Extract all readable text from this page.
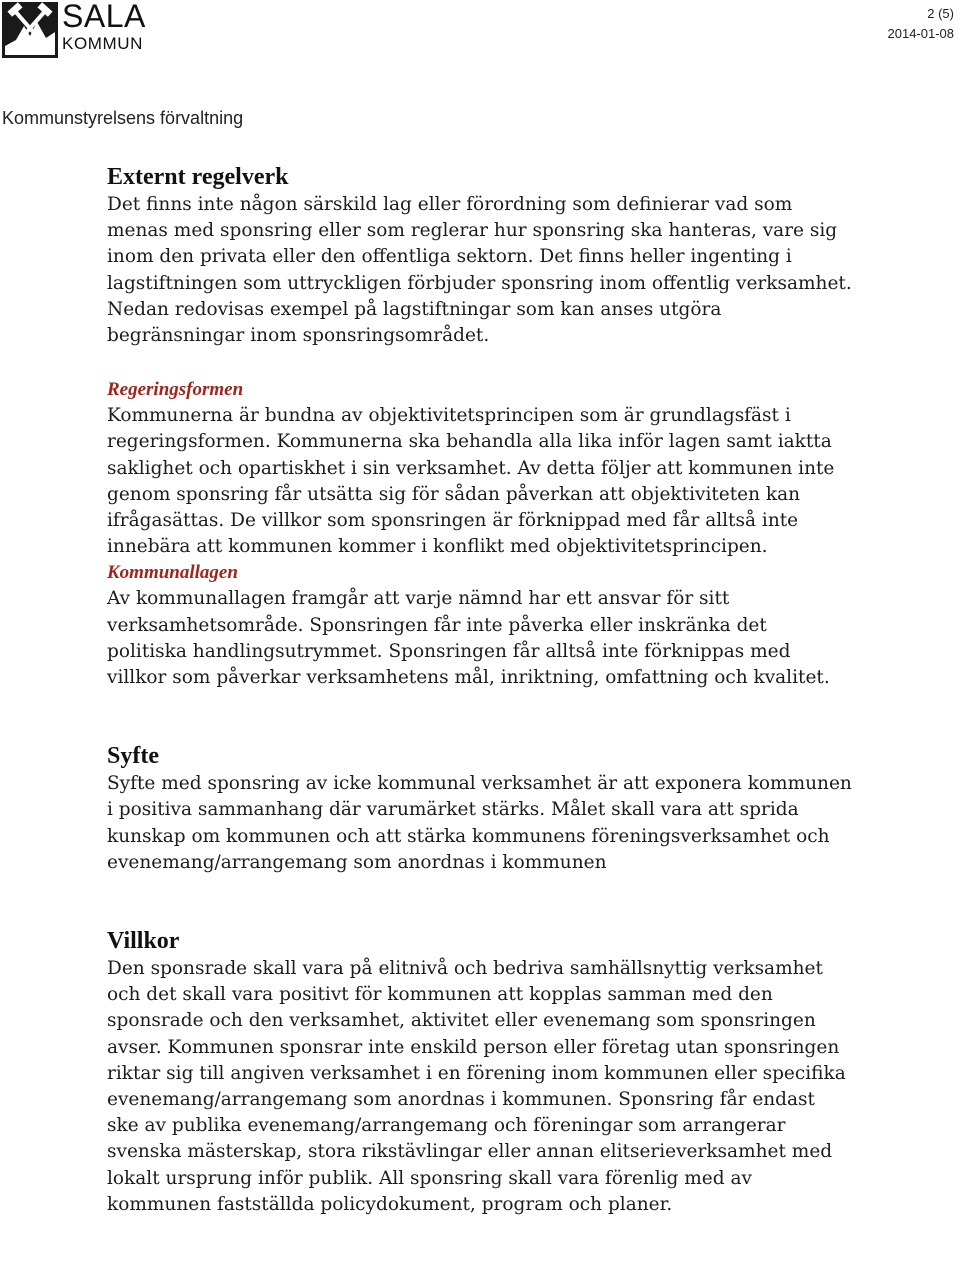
SALA
KOMMUN
2 (5)
2014-01-08
Kommunstyrelsens förvaltning
Externt regelverk

Det finns inte någon särskild lag eller förordning som definierar vad som menas med sponsring eller som reglerar hur sponsring ska hanteras, vare sig inom den privata eller den offentliga sektorn. Det finns heller ingenting i lagstiftningen som uttryckligen förbjuder sponsring inom offentlig verksamhet. Nedan redovisas exempel på lagstiftningar som kan anses utgöra begränsningar inom sponsringsområdet.

Regeringsformen

Kommunerna är bundna av objektivitetsprincipen som är grundlagsfäst i regeringsformen. Kommunerna ska behandla alla lika inför lagen samt iaktta saklighet och opartiskhet i sin verksamhet. Av detta följer att kommunen inte genom sponsring får utsätta sig för sådan påverkan att objektiviteten kan ifrågasättas. De villkor som sponsringen är förknippad med får alltså inte innebära att kommunen kommer i konflikt med objektivitetsprincipen.

Kommunallagen

Av kommunallagen framgår att varje nämnd har ett ansvar för sitt verksamhetsområde. Sponsringen får inte påverka eller inskränka det politiska handlingsutrymmet. Sponsringen får alltså inte förknippas med villkor som påverkar verksamhetens mål, inriktning, omfattning och kvalitet.

Syfte

Syfte med sponsring av icke kommunal verksamhet är att exponera kommunen i positiva sammanhang där varumärket stärks. Målet skall vara att sprida kunskap om kommunen och att stärka kommunens föreningsverksamhet och evenemang/arrangemang som anordnas i kommunen

Villkor

Den sponsrade skall vara på elitnivå och bedriva samhällsnyttig verksamhet och det skall vara positivt för kommunen att kopplas samman med den sponsrade och den verksamhet, aktivitet eller evenemang som sponsringen avser. Kommunen sponsrar inte enskild person eller företag utan sponsringen riktar sig till angiven verksamhet i en förening inom kommunen eller specifika evenemang/arrangemang som anordnas i kommunen. Sponsring får endast ske av publika evenemang/arrangemang och föreningar som arrangerar svenska mästerskap, stora rikstävlingar eller annan elitserieverksamhet med lokalt ursprung inför publik. All sponsring skall vara förenlig med av kommunen fastställda policydokument, program och planer.
